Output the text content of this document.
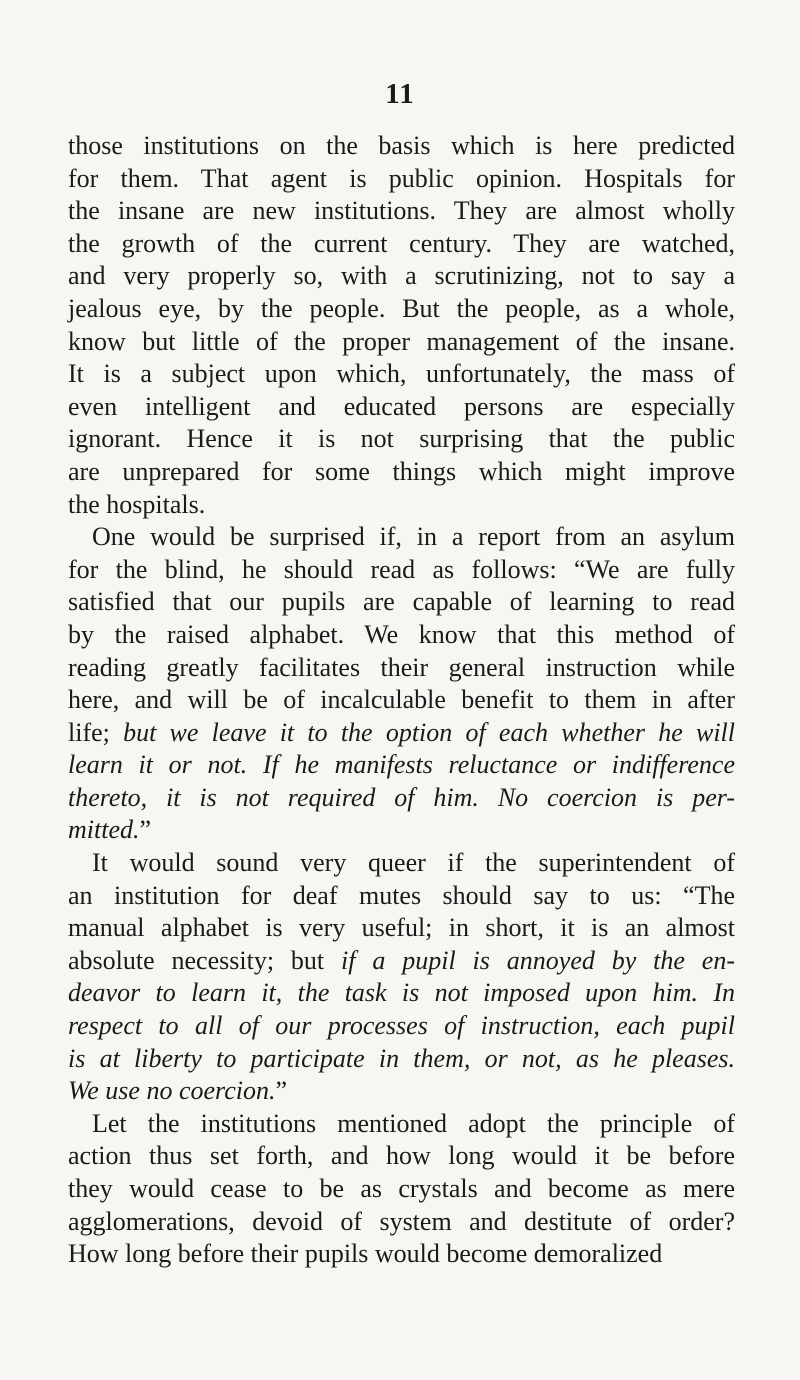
11
those institutions on the basis which is here predicted
for them. That agent is public opinion. Hospitals for
the insane are new institutions. They are almost wholly
the growth of the current century. They are watched,
and very properly so, with a scrutinizing, not to say a
jealous eye, by the people. But the people, as a whole,
know but little of the proper management of the insane.
It is a subject upon which, unfortunately, the mass of
even intelligent and educated persons are especially
ignorant. Hence it is not surprising that the public
are unprepared for some things which might improve
the hospitals.
One would be surprised if, in a report from an asylum
for the blind, he should read as follows: “We are fully
satisfied that our pupils are capable of learning to read
by the raised alphabet. We know that this method of
reading greatly facilitates their general instruction while
here, and will be of incalculable benefit to them in after
life; but we leave it to the option of each whether he will
learn it or not. If he manifests reluctance or indifference
thereto, it is not required of him. No coercion is per-
mitted.”
It would sound very queer if the superintendent of
an institution for deaf mutes should say to us: “The
manual alphabet is very useful; in short, it is an almost
absolute necessity; but if a pupil is annoyed by the en-
deavor to learn it, the task is not imposed upon him. In
respect to all of our processes of instruction, each pupil
is at liberty to participate in them, or not, as he pleases.
We use no coercion.”
Let the institutions mentioned adopt the principle of
action thus set forth, and how long would it be before
they would cease to be as crystals and become as mere
agglomerations, devoid of system and destitute of order?
How long before their pupils would become demoralized
